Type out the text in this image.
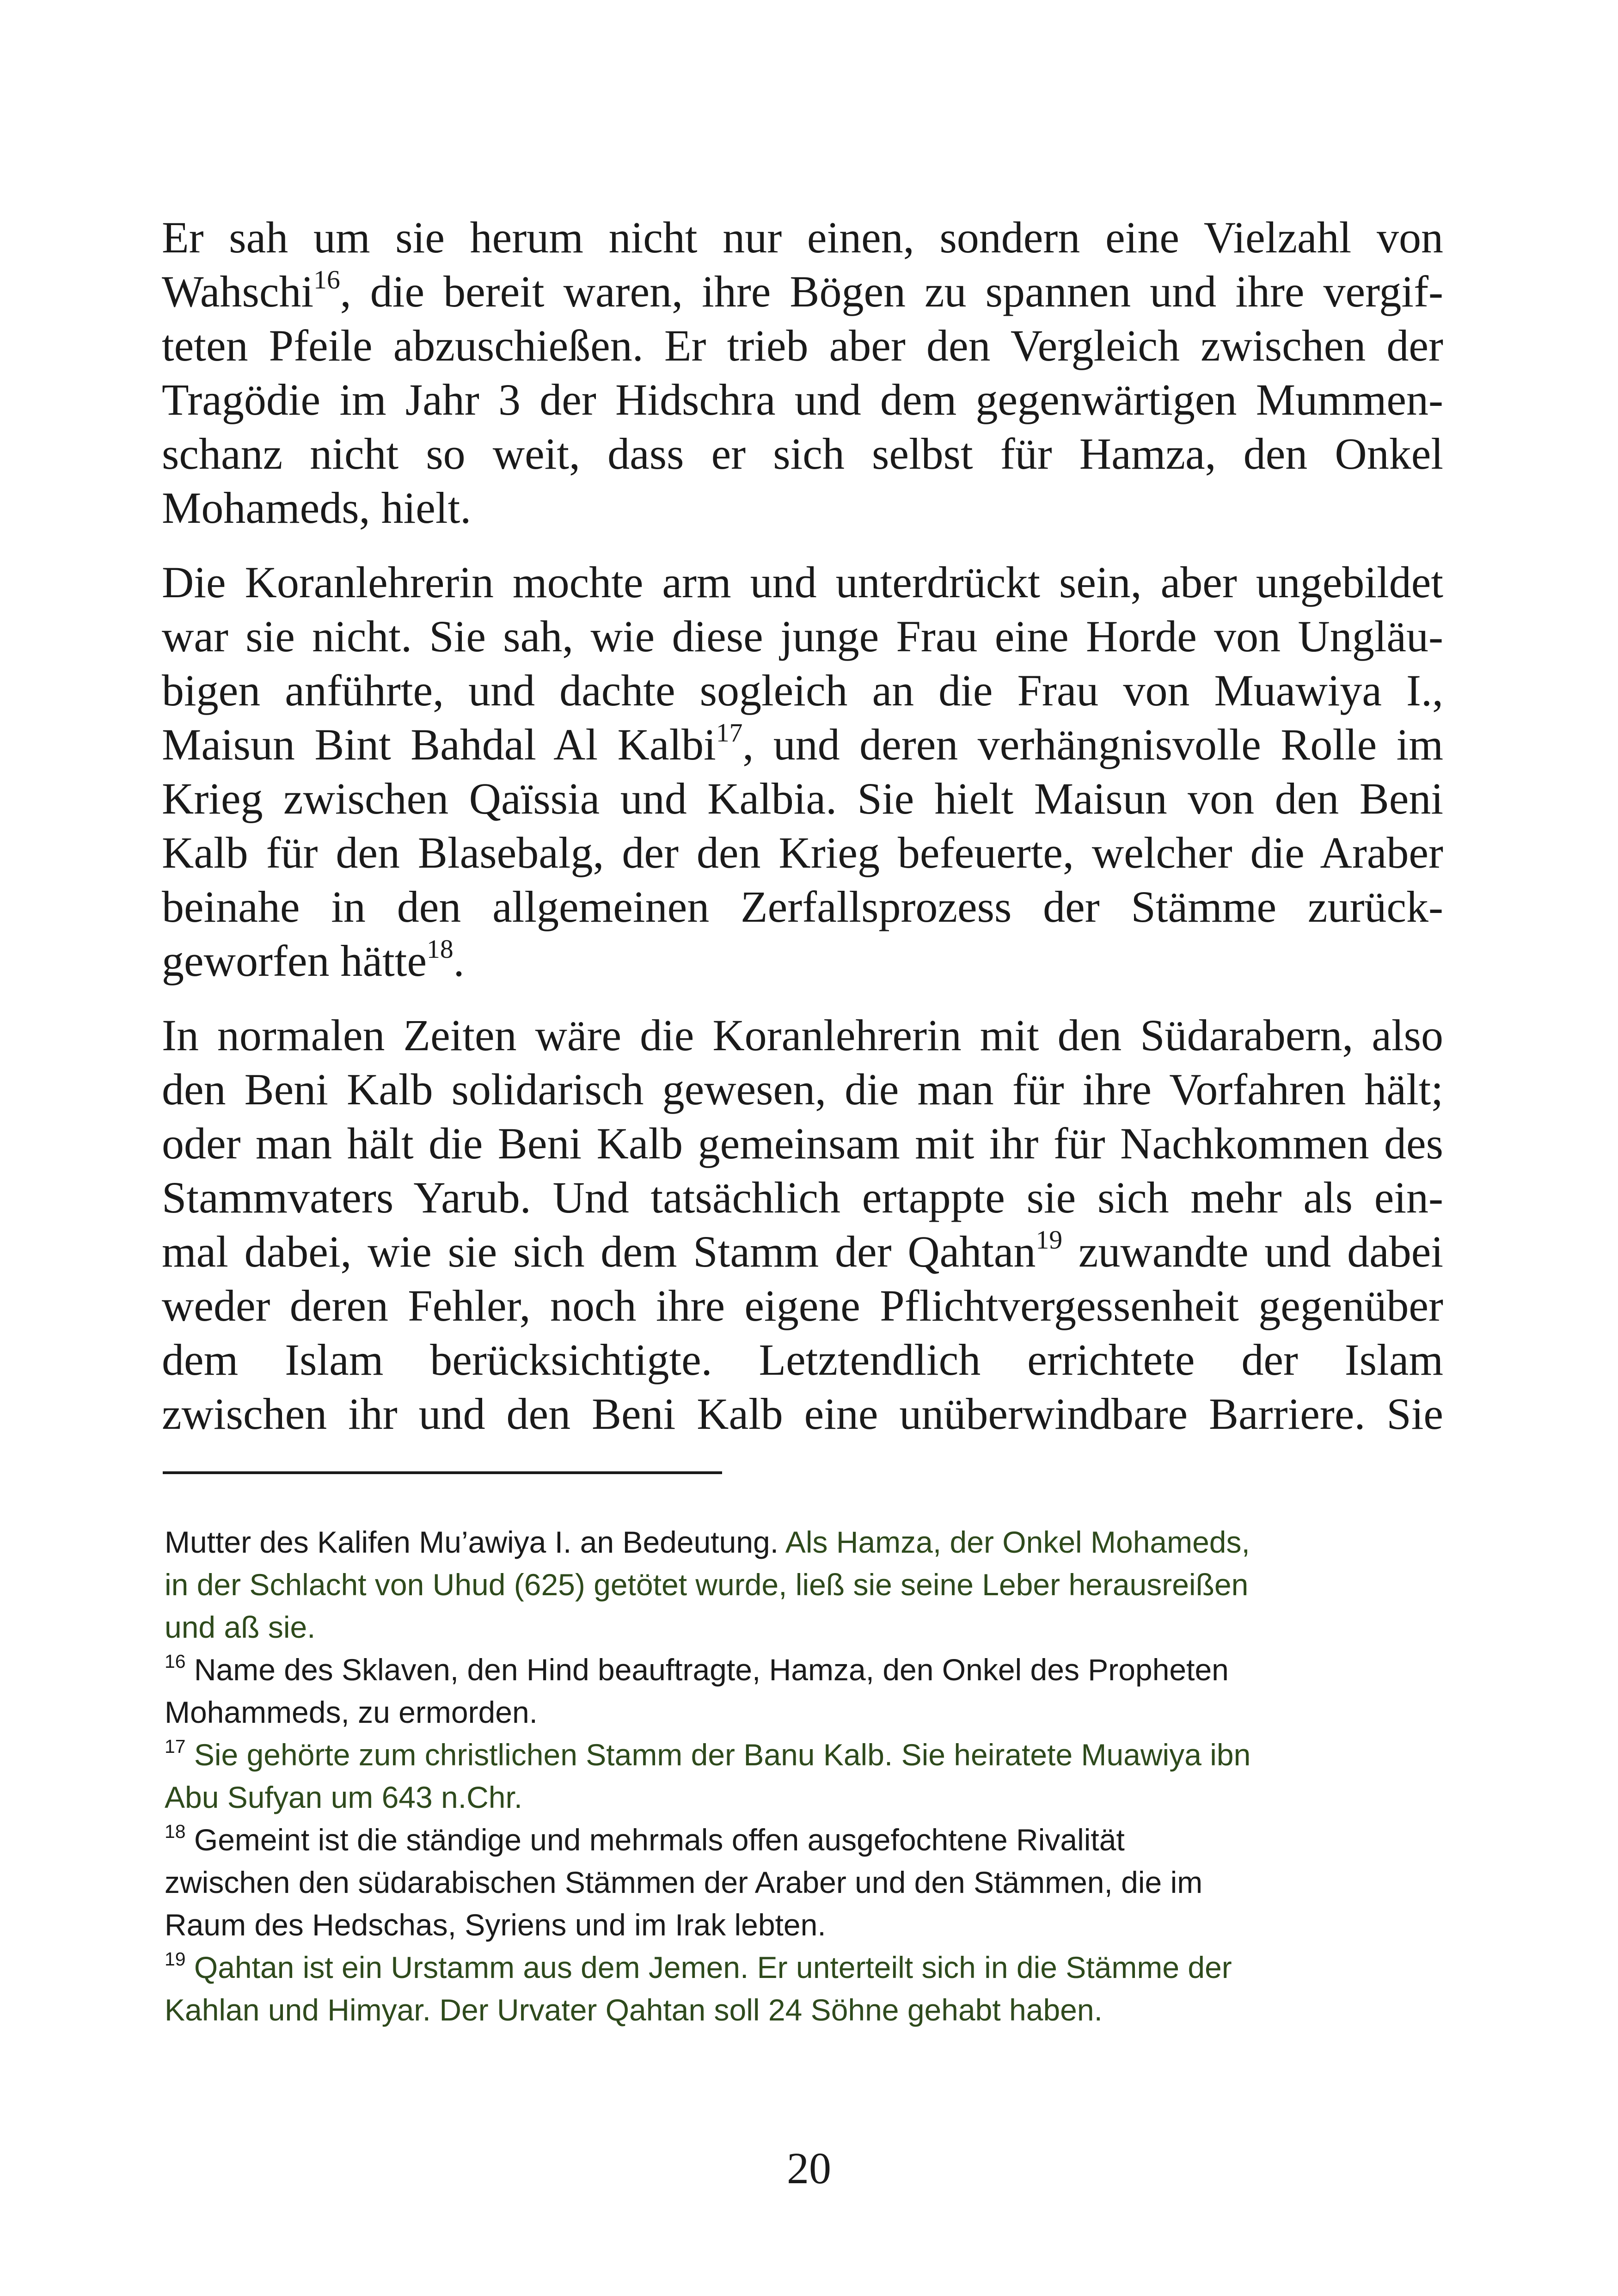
Er sah um sie herum nicht nur einen, sondern eine Vielzahl von
Wahschi$^{16}$, die bereit waren, ihre Bögen zu spannen und ihre vergif-
teten Pfeile abzuschießen. Er trieb aber den Vergleich zwischen der
Tragödie im Jahr 3 der Hidschra und dem gegenwärtigen Mummen-
schanz nicht so weit, dass er sich selbst für Hamza, den Onkel
Mohameds, hielt.

Die Koranlehrerin mochte arm und unterdrückt sein, aber ungebildet
war sie nicht. Sie sah, wie diese junge Frau eine Horde von Ungläu-
bigen anführte, und dachte sogleich an die Frau von Muawiya I.,
Maisun Bint Bahdal Al Kalbi$^{17}$, und deren verhängnisvolle Rolle im
Krieg zwischen Qaïssia und Kalbia. Sie hielt Maisun von den Beni
Kalb für den Blasebalg, der den Krieg befeuerte, welcher die Araber
beinahe in den allgemeinen Zerfallsprozess der Stämme zurück-
geworfen hätte$^{18}$.

In normalen Zeiten wäre die Koranlehrerin mit den Südarabern, also
den Beni Kalb solidarisch gewesen, die man für ihre Vorfahren hält;
oder man hält die Beni Kalb gemeinsam mit ihr für Nachkommen des
Stammvaters Yarub. Und tatsächlich ertappte sie sich mehr als ein-
mal dabei, wie sie sich dem Stamm der Qahtan$^{19}$ zuwandte und dabei
weder deren Fehler, noch ihre eigene Pflichtvergessenheit gegenüber
dem Islam berücksichtigte. Letztendlich errichtete der Islam
zwischen ihr und den Beni Kalb eine unüberwindbare Barriere. Sie

Mutter des Kalifen Mu’awiya I. an Bedeutung. Als Hamza, der Onkel Mohameds,
in der Schlacht von Uhud (625) getötet wurde, ließ sie seine Leber herausreißen
und aß sie.
$^{16}$ Name des Sklaven, den Hind beauftragte, Hamza, den Onkel des Propheten
Mohammeds, zu ermorden.
$^{17}$ Sie gehörte zum christlichen Stamm der Banu Kalb. Sie heiratete Muawiya ibn
Abu Sufyan um 643 n.Chr.
$^{18}$ Gemeint ist die ständige und mehrmals offen ausgefochtene Rivalität
zwischen den südarabischen Stämmen der Araber und den Stämmen, die im
Raum des Hedschas, Syriens und im Irak lebten.
$^{19}$ Qahtan ist ein Urstamm aus dem Jemen. Er unterteilt sich in die Stämme der
Kahlan und Himyar. Der Urvater Qahtan soll 24 Söhne gehabt haben.
20
